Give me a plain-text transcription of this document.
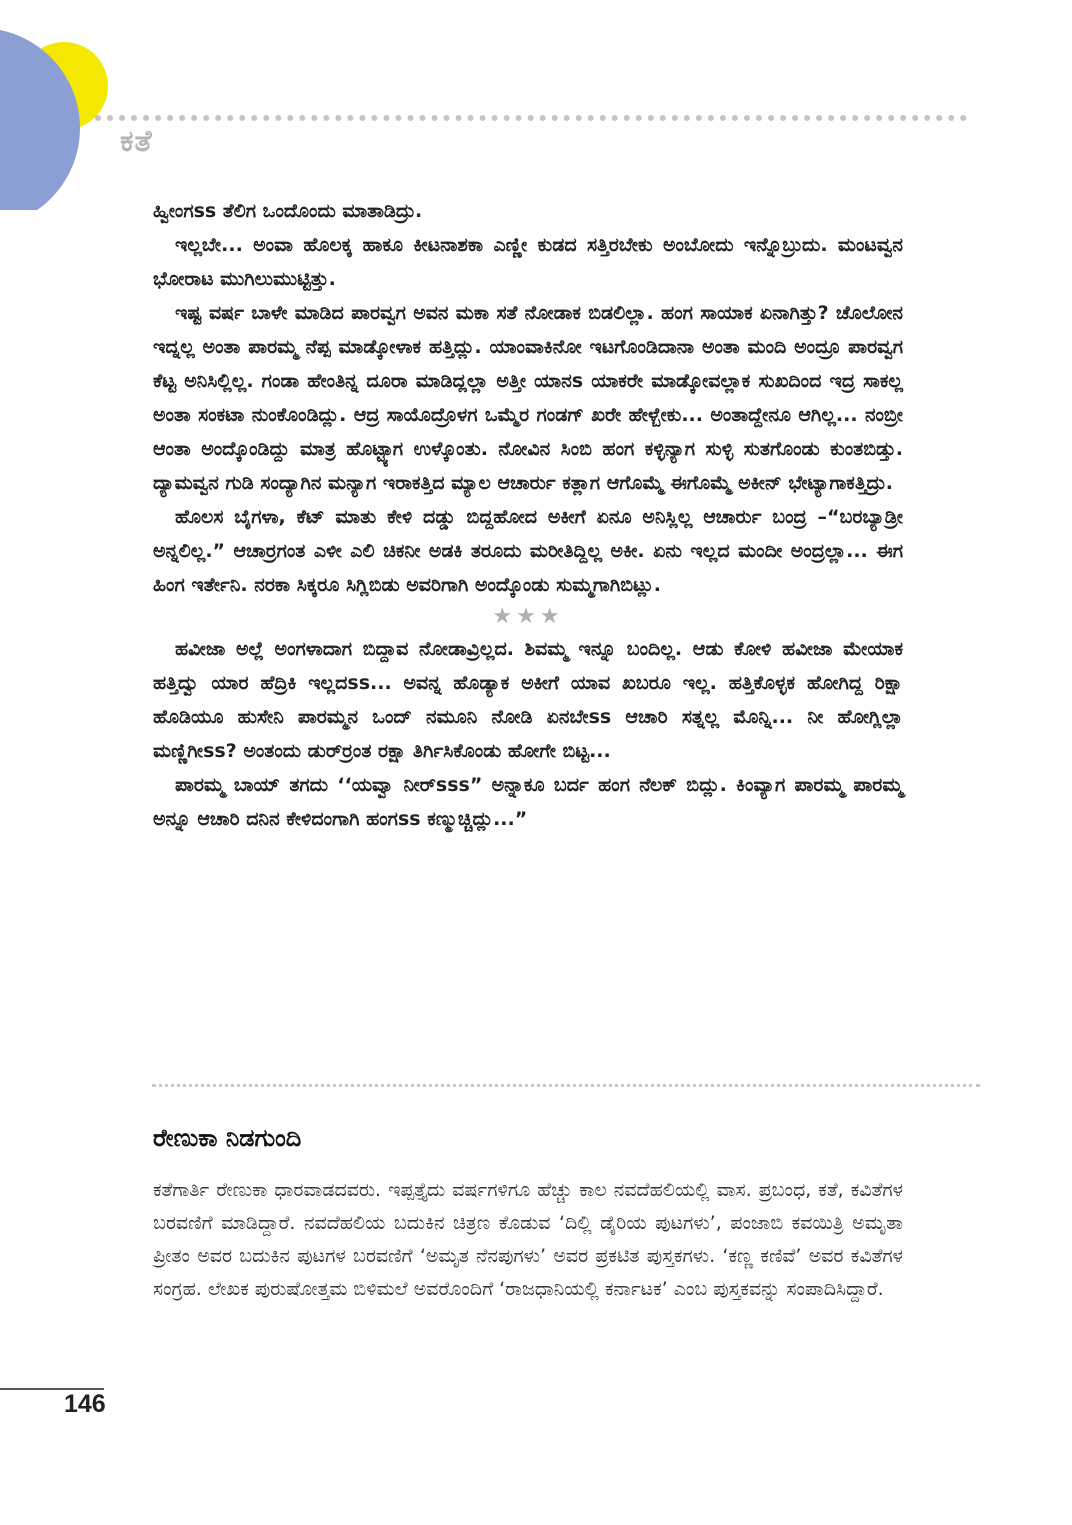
ಕತೆ

ಹ್ವೀಂಗss ತೆಲಿಗ ಒಂದೊಂದು ಮಾತಾಡಿದ್ರು.

ಇಲ್ಲಬೇ... ಅಂವಾ ಹೊಲಕ್ಕ ಹಾಕೂ ಕೀಟನಾಶಕಾ ಎಣ್ಣೀ ಕುಡದ ಸತ್ತಿರಬೇಕು ಅಂಬೋದು ಇನ್ನೊಬ್ರುದು. ಮಂಟವ್ವನ ಭೋರಾಟ ಮುಗಿಲುಮುಟ್ಟಿತ್ತು.

ಇಷ್ಟ ವರ್ಷ ಬಾಳೇ ಮಾಡಿದ ಪಾರವ್ವಗ ಅವನ ಮಕಾ ಸತೆ ನೋಡಾಕ ಬಿಡಲಿಲ್ಲಾ. ಹಂಗ ಸಾಯಾಕ ಏನಾಗಿತ್ತು? ಚೊಲೋನ ಇದ್ನಲ್ಲ ಅಂತಾ ಪಾರಮ್ಮ ನೆಪ್ಪ ಮಾಡ್ಕೋಳಾಕ ಹತ್ತಿದ್ಲು. ಯಾಂವಾಕಿನೋ ಇಟಗೊಂಡಿದಾನಾ ಅಂತಾ ಮಂದಿ ಅಂದ್ರೂ ಪಾರವ್ವಗ ಕೆಟ್ಟ ಅನಿಸಿಲ್ಲಿಲ್ಲ. ಗಂಡಾ ಹೇಂತಿನ್ನ ದೂರಾ ಮಾಡಿದ್ಲಲ್ಲಾ ಅತ್ತೀ ಯಾನs ಯಾಕರೇ ಮಾಡ್ಕೋವಲ್ಲಾಕ ಸುಖದಿಂದ ಇದ್ರ ಸಾಕಲ್ಲ ಅಂತಾ ಸಂಕಟಾ ನುಂಕೊಂಡಿದ್ಲು. ಆದ್ರ ಸಾಯೊದ್ರೊಳಗ ಒಮ್ಮೆರ ಗಂಡಗ್ ಖರೇ ಹೇಳ್ಬೇಕು... ಅಂತಾದ್ದೇನೂ ಆಗಿಲ್ಲ... ನಂಬ್ರೀ ಆಂತಾ ಅಂದ್ಕೊಂಡಿದ್ದು ಮಾತ್ರ ಹೊಟ್ಟ್ಯಾಗ ಉಳ್ಕೊಂತು. ನೋವಿನ ಸಿಂಬಿ ಹಂಗ ಕಳ್ಳಿನ್ಯಾಗ ಸುಳ್ಳಿ ಸುತಗೊಂಡು ಕುಂತಬಿಡ್ತು. ದ್ಯಾಮವ್ವನ ಗುಡಿ ಸಂದ್ಯಾಗಿನ ಮನ್ಯಾಗ ಇರಾಕತ್ತಿದ ಮ್ಯಾಲ ಆಚಾರ್ರು ಕತ್ಲಾಗ ಆಗೊಮ್ಮೆ ಈಗೊಮ್ಮೆ ಅಕೀನ್ ಭೇಟ್ಯಾಗಾಕತ್ತಿದ್ರು.

ಹೊಲಸ ಬೈಗಳಾ, ಕೆಟ್ ಮಾತು ಕೇಳಿ ದಡ್ಡು ಬಿದ್ದಹೋದ ಅಕೀಗೆ ಏನೂ ಅನಿಸ್ಲಿಲ್ಲ ಆಚಾರ್ರು ಬಂದ್ರ –“ಬರಬ್ಯಾಡ್ರೀ ಅನ್ನಲಿಲ್ಲ.” ಆಚಾರ್ರಗಂತ ಎಳೀ ಎಲಿ ಚಿಕನೀ ಅಡಕಿ ತರೂದು ಮರೀತಿದ್ದಿಲ್ಲ ಅಕೀ. ಏನು ಇಲ್ಲದ ಮಂದೀ ಅಂದ್ರಲ್ಲಾ... ಈಗ ಹಿಂಗ ಇರ್ತೇನಿ. ನರಕಾ ಸಿಕ್ಕರೂ ಸಿಗ್ಲಿಬಿಡು ಅವರಿಗಾಗಿ ಅಂದ್ಕೊಂಡು ಸುಮ್ಮಗಾಗಿಬಿಟ್ಲು.

★★★

ಹವೀಜಾ ಅಲ್ಲೆ ಅಂಗಳಾದಾಗ ಬಿದ್ದಾವ ನೋಡಾವ್ರಿಲ್ಲದ. ಶಿವಮ್ಮ ಇನ್ನೂ ಬಂದಿಲ್ಲ. ಆಡು ಕೋಳಿ ಹವೀಜಾ ಮೇಯಾಕ ಹತ್ತಿದ್ವು ಯಾರ ಹೆದ್ರಿಕಿ ಇಲ್ಲದss... ಅವನ್ನ ಹೊಡ್ಯಾಕ ಅಕೀಗೆ ಯಾವ ಖಬರೂ ಇಲ್ಲ. ಹತ್ತಿಕೊಳ್ಳಕ ಹೋಗಿದ್ದ ರಿಕ್ಷಾ ಹೊಡಿಯೂ ಹುಸೇನಿ ಪಾರಮ್ಮನ ಒಂದ್ ನಮೂನಿ ನೋಡಿ ಏನಬೇss ಆಚಾರಿ ಸತ್ನಲ್ಲ ಮೊನ್ನಿ... ನೀ ಹೋಗ್ಲಿಲ್ಲಾ ಮಣ್ಣಿಗೀss? ಅಂತಂದು ಡುರ್‌ರ್ರಂತ ರಕ್ಷಾ ತಿರ್ಗಿಸಿಕೊಂಡು ಹೋಗೇ ಬಿಟ್ಟ...

ಪಾರಮ್ಮ ಬಾಯ್ ತಗದು ‘‘ಯವ್ವಾ ನೀರ್sss” ಅನ್ನಾಕೂ ಬರ್ದ ಹಂಗ ನೆಲಕ್ ಬಿದ್ಲು. ಕಿಂವ್ಯಾಗ ಪಾರಮ್ಮ ಪಾರಮ್ಮ ಅನ್ನೂ ಆಚಾರಿ ದನಿನ ಕೇಳಿದಂಗಾಗಿ ಹಂಗss ಕಣ್ಮುಚ್ಚಿದ್ಲು...”

ರೇಣುಕಾ ನಿಡಗುಂದಿ

ಕತೆಗಾರ್ತಿ ರೇಣುಕಾ ಧಾರವಾಡದವರು. ಇಪ್ಪತ್ತೈದು ವರ್ಷಗಳಿಗೂ ಹೆಚ್ಚು ಕಾಲ ನವದೆಹಲಿಯಲ್ಲಿ ವಾಸ. ಪ್ರಬಂಧ, ಕತೆ, ಕವಿತೆಗಳ ಬರವಣಿಗೆ ಮಾಡಿದ್ದಾರೆ. ನವದೆಹಲಿಯ ಬದುಕಿನ ಚಿತ್ರಣ ಕೊಡುವ ‘ದಿಲ್ಲಿ ಡೈರಿಯ ಪುಟಗಳು’, ಪಂಜಾಬಿ ಕವಯಿತ್ರಿ ಅಮೃತಾ ಪ್ರೀತಂ ಅವರ ಬದುಕಿನ ಪುಟಗಳ ಬರವಣಿಗೆ ‘ಅಮೃತ ನೆನಪುಗಳು’ ಅವರ ಪ್ರಕಟಿತ ಪುಸ್ತಕಗಳು. ‘ಕಣ್ಣ ಕಣಿವೆ’ ಅವರ ಕವಿತೆಗಳ ಸಂಗ್ರಹ. ಲೇಖಕ ಪುರುಷೋತ್ತಮ ಬಿಳಿಮಲೆ ಅವರೊಂದಿಗೆ ‘ರಾಜಧಾನಿಯಲ್ಲಿ ಕರ್ನಾಟಕ’ ಎಂಬ ಪುಸ್ತಕವನ್ನು ಸಂಪಾದಿಸಿದ್ದಾರೆ.

146
